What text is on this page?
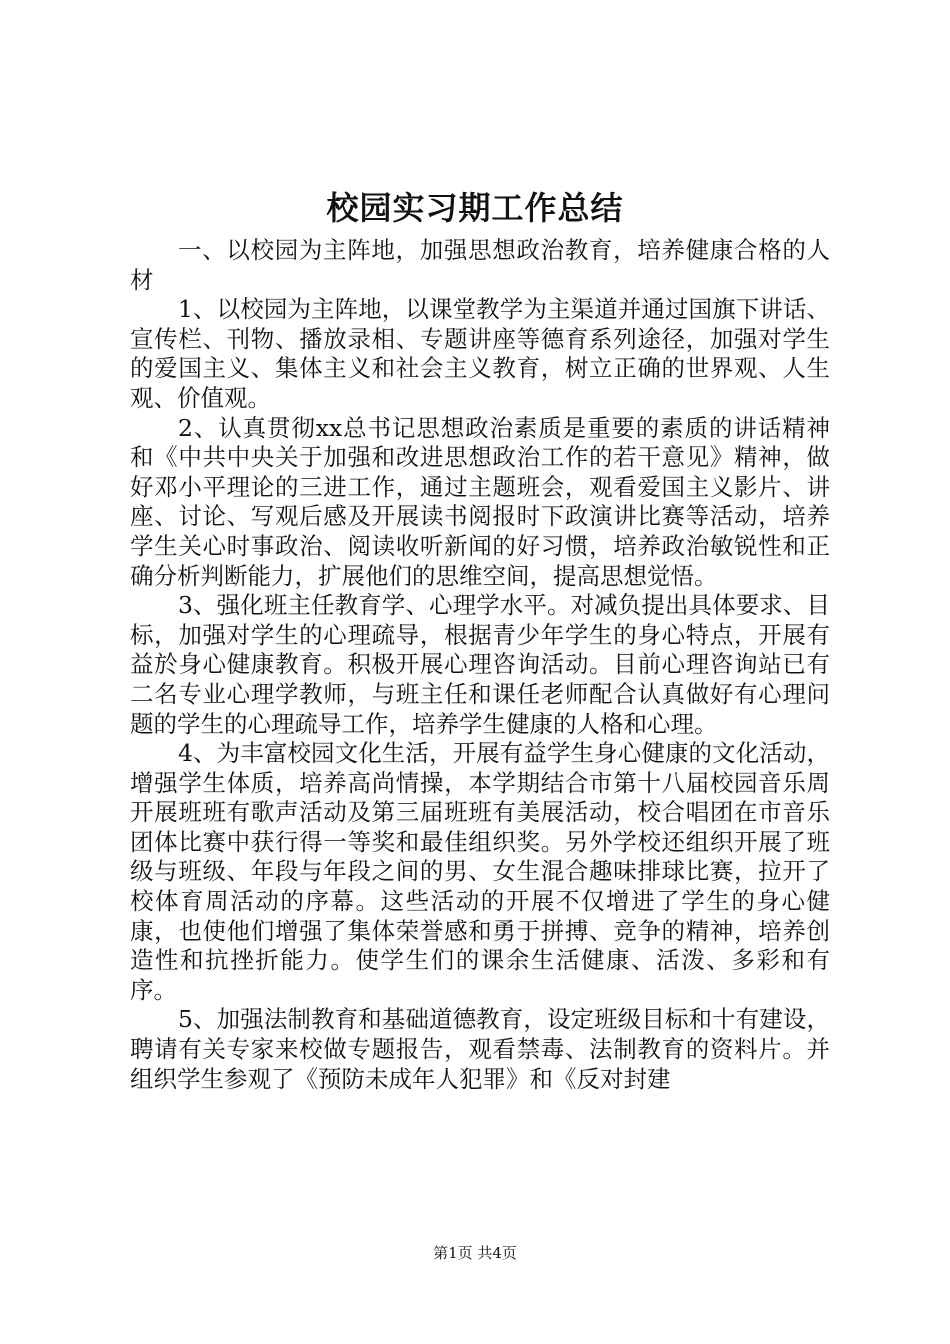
校园实习期工作总结

一、以校园为主阵地，加强思想政治教育，培养健康合格的人材

1、以校园为主阵地，以课堂教学为主渠道并通过国旗下讲话、宣传栏、刊物、播放录相、专题讲座等德育系列途径，加强对学生的爱国主义、集体主义和社会主义教育，树立正确的世界观、人生观、价值观。

2、认真贯彻xx总书记思想政治素质是重要的素质的讲话精神和《中共中央关于加强和改进思想政治工作的若干意见》精神，做好邓小平理论的三进工作，通过主题班会，观看爱国主义影片、讲座、讨论、写观后感及开展读书阅报时下政演讲比赛等活动，培养学生关心时事政治、阅读收听新闻的好习惯，培养政治敏锐性和正确分析判断能力，扩展他们的思维空间，提高思想觉悟。

3、强化班主任教育学、心理学水平。对减负提出具体要求、目标，加强对学生的心理疏导，根据青少年学生的身心特点，开展有益於身心健康教育。积极开展心理咨询活动。目前心理咨询站已有二名专业心理学教师，与班主任和课任老师配合认真做好有心理问题的学生的心理疏导工作，培养学生健康的人格和心理。

4、为丰富校园文化生活，开展有益学生身心健康的文化活动，增强学生体质，培养高尚情操，本学期结合市第十八届校园音乐周开展班班有歌声活动及第三届班班有美展活动，校合唱团在市音乐团体比赛中获行得一等奖和最佳组织奖。另外学校还组织开展了班级与班级、年段与年段之间的男、女生混合趣味排球比赛，拉开了校体育周活动的序幕。这些活动的开展不仅增进了学生的身心健康，也使他们增强了集体荣誉感和勇于拼搏、竞争的精神，培养创造性和抗挫折能力。使学生们的课余生活健康、活泼、多彩和有序。

5、加强法制教育和基础道德教育，设定班级目标和十有建设，聘请有关专家来校做专题报告，观看禁毒、法制教育的资料片。并组织学生参观了《预防未成年人犯罪》和《反对封建

第1页 共4页
